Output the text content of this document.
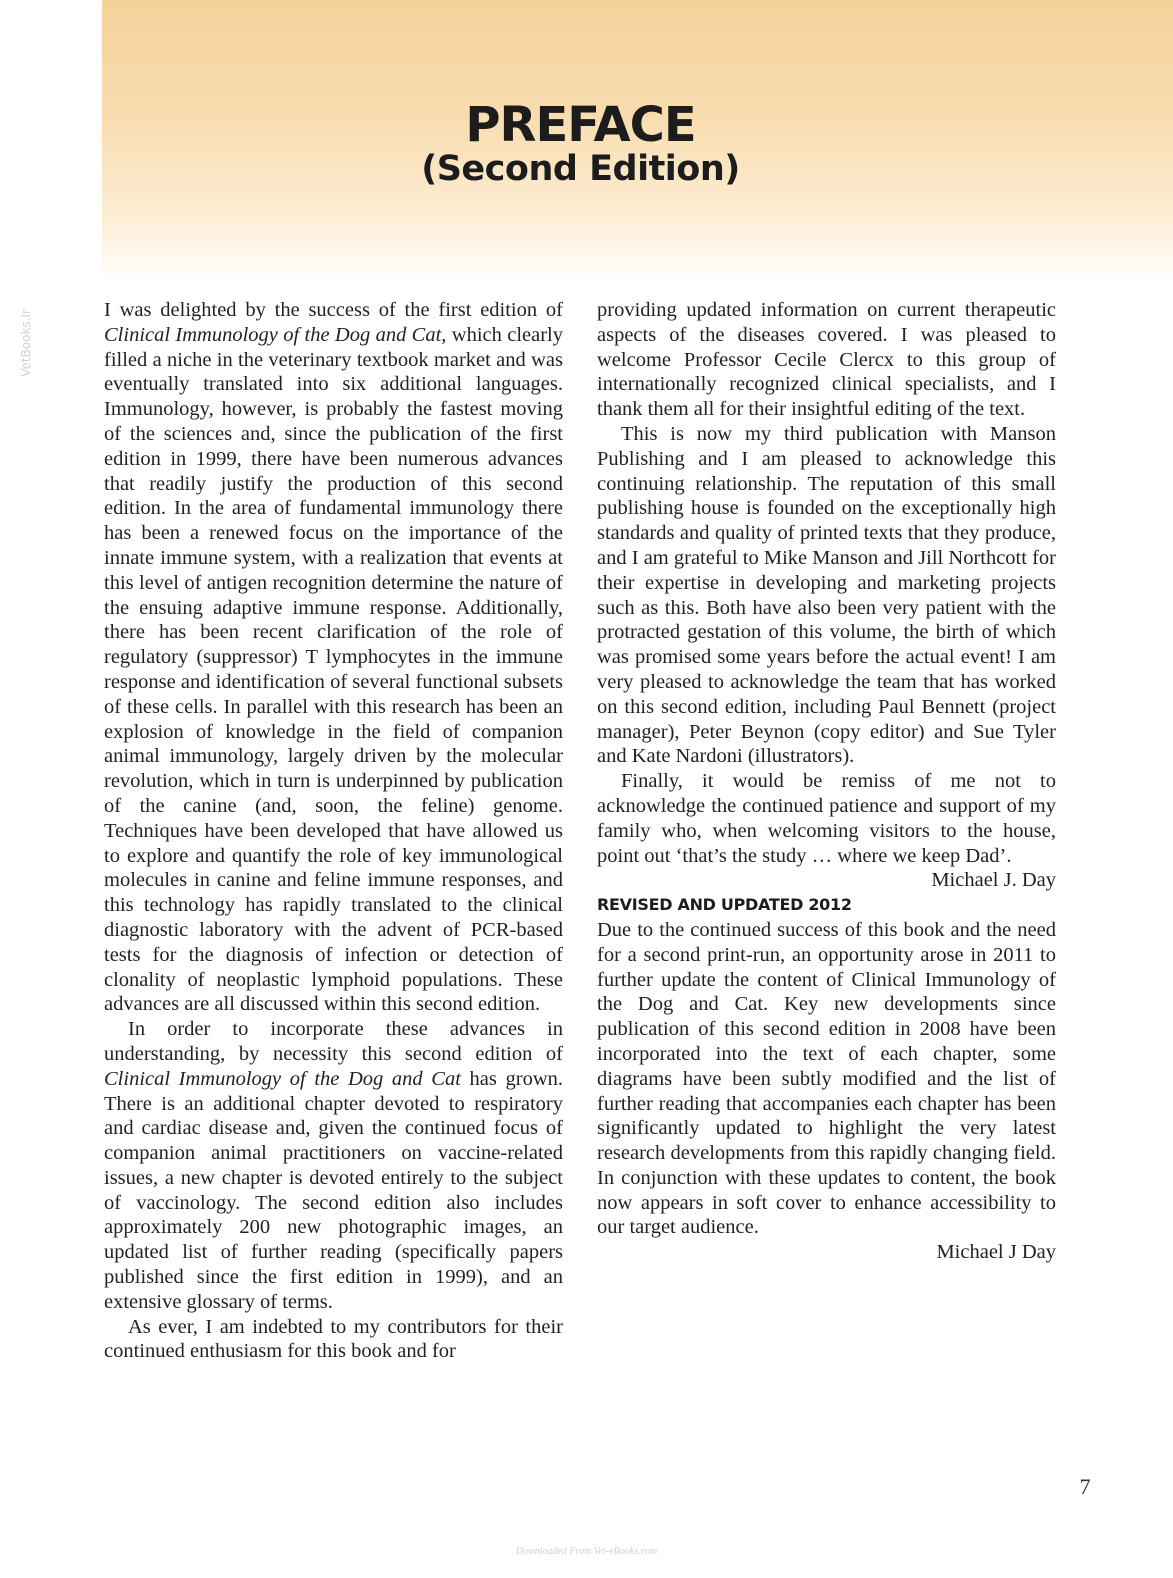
PREFACE
(Second Edition)
VetBooks.ir	I was delighted by the success of the first edition of Clinical Immunology of the Dog and Cat, which clearly filled a niche in the veterinary textbook market and was eventually translated into six additional languages. Immunology, however, is probably the fastest moving of the sciences and, since the publication of the first edition in 1999, there have been numerous advances that readily justify the production of this second edition. In the area of fundamental immunology there has been a renewed focus on the importance of the innate immune system, with a realization that events at this level of antigen recognition determine the nature of the ensuing adaptive immune response. Additionally, there has been recent clarification of the role of regulatory (suppressor) T lymphocytes in the immune response and identification of several functional subsets of these cells. In parallel with this research has been an explosion of knowledge in the field of companion animal immunology, largely driven by the molecular revolution, which in turn is underpinned by publication of the canine (and, soon, the feline) genome. Techniques have been developed that have allowed us to explore and quantify the role of key immunological molecules in canine and feline immune responses, and this technology has rapidly translated to the clinical diagnostic laboratory with the advent of PCR-based tests for the diagnosis of infection or detection of clonality of neoplastic lymphoid populations. These advances are all discussed within this second edition.

In order to incorporate these advances in understanding, by necessity this second edition of Clinical Immunology of the Dog and Cat has grown. There is an additional chapter devoted to respiratory and cardiac disease and, given the continued focus of companion animal practitioners on vaccine-related issues, a new chapter is devoted entirely to the subject of vaccinology. The second edition also includes approximately 200 new photographic images, an updated list of further reading (specifically papers published since the first edition in 1999), and an extensive glossary of terms.

As ever, I am indebted to my contributors for their continued enthusiasm for this book and for

providing updated information on current therapeutic aspects of the diseases covered. I was pleased to welcome Professor Cecile Clercx to this group of internationally recognized clinical specialists, and I thank them all for their insightful editing of the text.

This is now my third publication with Manson Publishing and I am pleased to acknowledge this continuing relationship. The reputation of this small publishing house is founded on the exceptionally high standards and quality of printed texts that they produce, and I am grateful to Mike Manson and Jill Northcott for their expertise in developing and marketing projects such as this. Both have also been very patient with the protracted gestation of this volume, the birth of which was promised some years before the actual event! I am very pleased to acknowledge the team that has worked on this second edition, including Paul Bennett (project manager), Peter Beynon (copy editor) and Sue Tyler and Kate Nardoni (illustrators).

Finally, it would be remiss of me not to acknowledge the continued patience and support of my family who, when welcoming visitors to the house, point out ‘that’s the study … where we keep Dad’.

Michael J. Day

REVISED AND UPDATED 2012

Due to the continued success of this book and the need for a second print-run, an opportunity arose in 2011 to further update the content of Clinical Immunology of the Dog and Cat. Key new developments since publication of this second edition in 2008 have been incorporated into the text of each chapter, some diagrams have been subtly modified and the list of further reading that accompanies each chapter has been significantly updated to highlight the very latest research developments from this rapidly changing field. In conjunction with these updates to content, the book now appears in soft cover to enhance accessibility to our target audience.

Michael J Day

7
Downloaded From Vet-eBooks.com
